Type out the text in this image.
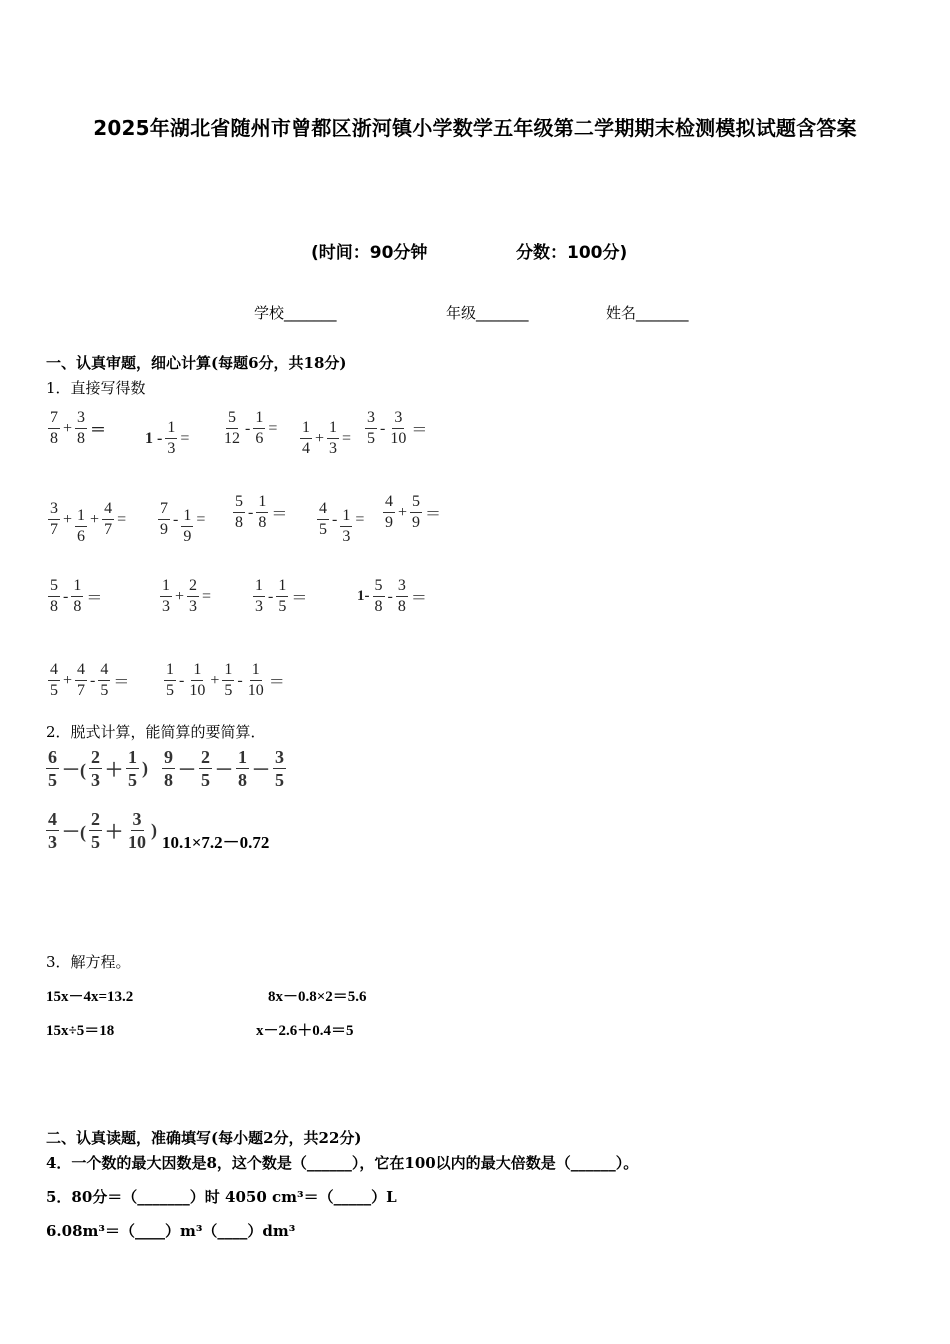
2025年湖北省随州市曾都区浙河镇小学数学五年级第二学期期末检测模拟试题含答案
(时间：90分钟	分数：100分)
学校_______	年级_______	姓名_______
一、认真审题，细心计算(每题6分，共18分)
1．直接写得数
$\frac{7}{8} + \frac{3}{8} = 1 - \frac{1}{3} = \frac{5}{12} - \frac{1}{6} = \frac{1}{4} + \frac{1}{3} = \frac{3}{5} - \frac{3}{10}$ ＝
$\frac{3}{7} + \frac{1}{6} + \frac{4}{7} = \frac{7}{9} - \frac{1}{9} = \frac{5}{8} - \frac{1}{8} = \frac{4}{5} - \frac{1}{3} = \frac{4}{9} + \frac{5}{9}$ ＝
$\frac{5}{8} - \frac{1}{8}$ ＝	$\frac{1}{3} + \frac{2}{3}$ =	$\frac{1}{3} - \frac{1}{5}$ ＝	$1- \frac{5}{8} - \frac{3}{8}$ ＝
$\frac{4}{5} + \frac{4}{7} - \frac{4}{5} = \frac{1}{5} - \frac{1}{10} + \frac{1}{5} - \frac{1}{10}$ ＝
2．脱式计算，能简算的要简算．
$\frac{6}{5}$ －( $\frac{2}{3} + \frac{1}{5}$ ) $\frac{9}{8} - \frac{2}{5} - \frac{1}{8} - \frac{3}{5}$
$\frac{4}{3}$ －( $\frac{2}{5} + \frac{3}{10}$ )
10.1×7.2－0.72
3．解方程。
15x－4x=13.2	8x－0.8×2＝5.6
15x÷5＝18	x－2.6＋0.4＝5
二、认真读题，准确填写(每小题2分，共22分)
4．一个数的最大因数是8，这个数是（______），它在100以内的最大倍数是（______）。
5．80分＝（_______）时 4050 cm³＝（_____）L
6.08m³＝（____）m³（____）dm³
